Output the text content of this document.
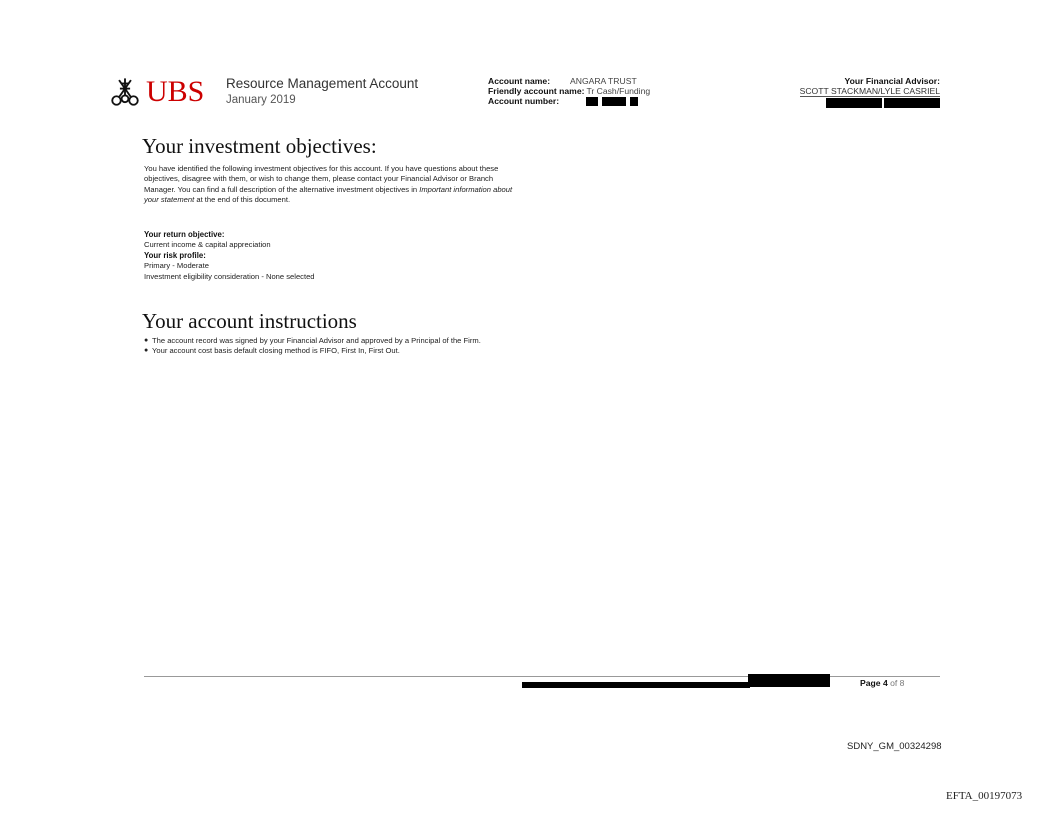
UBS Resource Management Account
January 2019
Account name:	ANGARA TRUST
Friendly account name: Tr Cash/Funding
Account number:
Your Financial Advisor:
SCOTT STACKMAN/LYLE CASRIEL
Your investment objectives:
You have identified the following investment objectives for this account. If you have questions about these objectives, disagree with them, or wish to change them, please contact your Financial Advisor or Branch Manager. You can find a full description of the alternative investment objectives in Important information about your statement at the end of this document.
Your return objective:
Current income & capital appreciation
Your risk profile:
Primary - Moderate
Investment eligibility consideration - None selected
Your account instructions
● The account record was signed by your Financial Advisor and approved by a Principal of the Firm.
● Your account cost basis default closing method is FIFO, First In, First Out.
Page 4 of 8
SDNY_GM_00324298
EFTA_00197073
